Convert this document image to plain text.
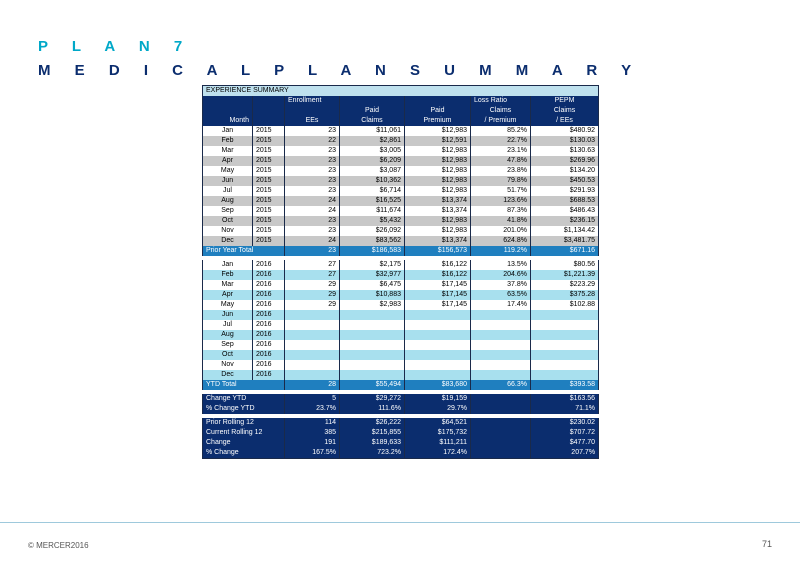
P L A N 7
M E D I C A L P L A N S U M M A R Y
EXPERIENCE SUMMARY						
		Enrollment			Loss Ratio	PEPM
			Paid	Paid	Claims	Claims
Month		EEs	Claims	Premium	/ Premium	/ EEs
Jan	2015	23	$11,061	$12,983	85.2%	$480.92
Feb	2015	22	$2,861	$12,591	22.7%	$130.03
Mar	2015	23	$3,005	$12,983	23.1%	$130.63
Apr	2015	23	$6,209	$12,983	47.8%	$269.96
May	2015	23	$3,087	$12,983	23.8%	$134.20
Jun	2015	23	$10,362	$12,983	79.8%	$450.53
Jul	2015	23	$6,714	$12,983	51.7%	$291.93
Aug	2015	24	$16,525	$13,374	123.6%	$688.53
Sep	2015	24	$11,674	$13,374	87.3%	$486.43
Oct	2015	23	$5,432	$12,983	41.8%	$236.15
Nov	2015	23	$26,092	$12,983	201.0%	$1,134.42
Dec	2015	24	$83,562	$13,374	624.8%	$3,481.75
Prior Year Total		23	$186,583	$156,573	119.2%	$671.16

Jan	2016	27	$2,175	$16,122	13.5%	$80.56
Feb	2016	27	$32,977	$16,122	204.6%	$1,221.39
Mar	2016	29	$6,475	$17,145	37.8%	$223.29
Apr	2016	29	$10,883	$17,145	63.5%	$375.28
May	2016	29	$2,983	$17,145	17.4%	$102.88
Jun	2016					
Jul	2016					
Aug	2016					
Sep	2016					
Oct	2016					
Nov	2016					
Dec	2016					
YTD Total		28	$55,494	$83,680	66.3%	$393.58

Change YTD		5	$29,272	$19,159		$163.56
% Change YTD		23.7%	111.6%	29.7%		71.1%

Prior Rolling 12		114	$26,222	$64,521		$230.02
Current Rolling 12		385	$215,855	$175,732		$707.72
Change		191	$189,633	$111,211		$477.70
% Change		167.5%	723.2%	172.4%		207.7%
© MERCER2016	71
